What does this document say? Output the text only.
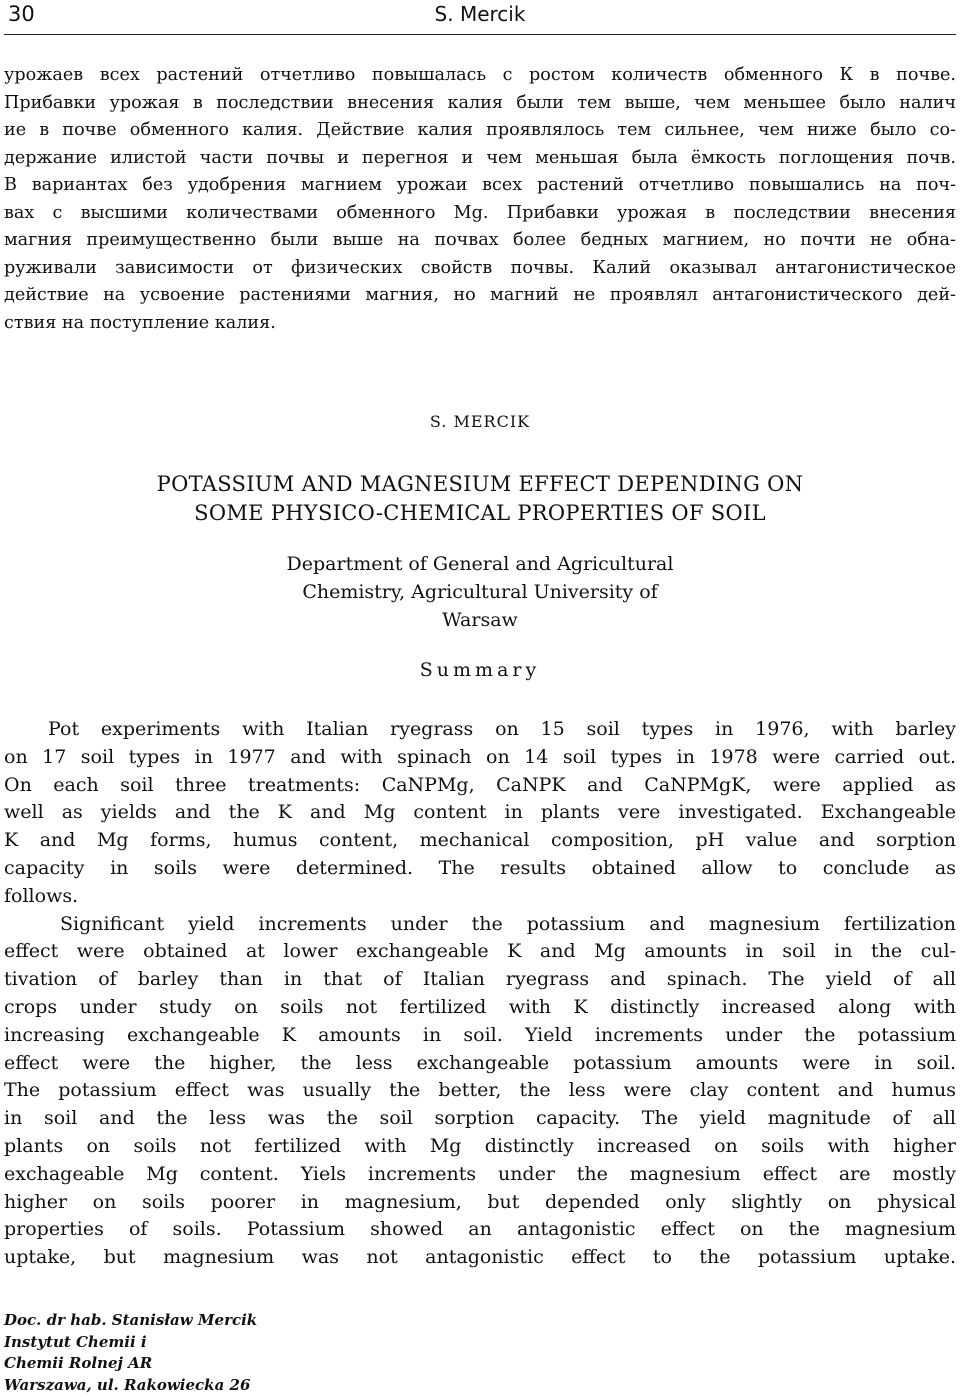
30	S. Mercik
урожаев всех растений отчетливо повышалась с ростом количеств обменного К в почве.
Прибавки урожая в последствии внесения калия были тем выше, чем меньшее было налич
ие в почве обменного калия. Действие калия проявлялось тем сильнее, чем ниже было со-
держание илистой части почвы и перегноя и чем меньшая была ёмкость поглощения почв.
В вариантах без удобрения магнием урожаи всех растений отчетливо повышались на поч-
вах с высшими количествами обменного Mg. Прибавки урожая в последствии внесения
магния преимущественно были выше на почвах более бедных магнием, но почти не обна-
руживали зависимости от физических свойств почвы. Калий оказывал антагонистическое
действие на усвоение растениями магния, но магний не проявлял антагонистического дей-
ствия на поступление калия.
S. MERCIK
POTASSIUM AND MAGNESIUM EFFECT DEPENDING ON
SOME PHYSICO-CHEMICAL PROPERTIES OF SOIL
Department of General and Agricultural
Chemistry, Agricultural University of
Warsaw
Summary
Pot experiments with Italian ryegrass on 15 soil types in 1976, with barley
on 17 soil types in 1977 and with spinach on 14 soil types in 1978 were carried out.
On each soil three treatments: CaNPMg, CaNPK and CaNPMgK, were applied as
well as yields and the K and Mg content in plants vere investigated. Exchangeable
K and Mg forms, humus content, mechanical composition, pH value and sorption
capacity in soils were determined. The results obtained allow to conclude as
follows.
Significant yield increments under the potassium and magnesium fertilization
effect were obtained at lower exchangeable K and Mg amounts in soil in the cul-
tivation of barley than in that of Italian ryegrass and spinach. The yield of all
crops under study on soils not fertilized with K distinctly increased along with
increasing exchangeable K amounts in soil. Yield increments under the potassium
effect were the higher, the less exchangeable potassium amounts were in soil.
The potassium effect was usually the better, the less were clay content and humus
in soil and the less was the soil sorption capacity. The yield magnitude of all
plants on soils not fertilized with Mg distinctly increased on soils with higher
exchageable Mg content. Yiels increments under the magnesium effect are mostly
higher on soils poorer in magnesium, but depended only slightly on physical
properties of soils. Potassium showed an antagonistic effect on the magnesium
uptake, but magnesium was not antagonistic effect to the potassium uptake.
Doc. dr hab. Stanisław Mercik
Instytut Chemii i
Chemii Rolnej AR
Warszawa, ul. Rakowiecka 26
